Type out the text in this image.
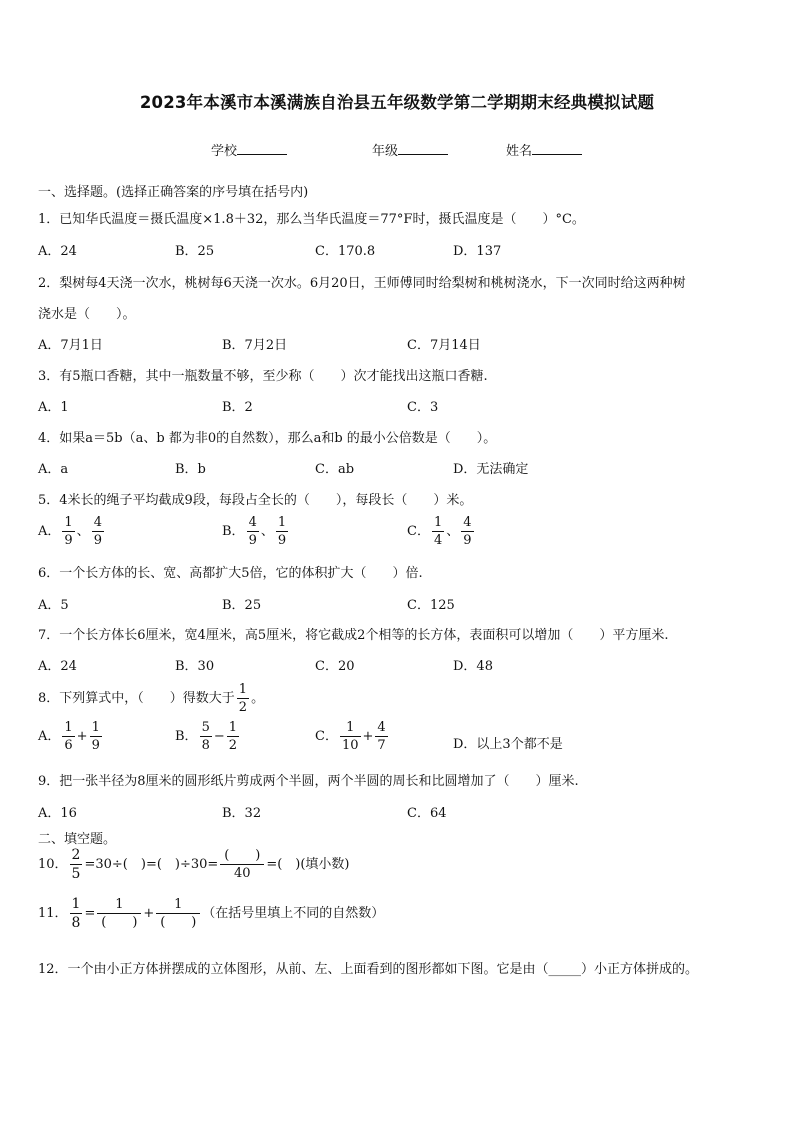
2023年本溪市本溪满族自治县五年级数学第二学期期末经典模拟试题
学校	年级	姓名
一、选择题。(选择正确答案的序号填在括号内)
1．已知华氏温度＝摄氏温度×1.8＋32，那么当华氏温度＝77°F时，摄氏温度是（　　）°C。
A．24	B．25	C．170.8	D．137
2．梨树每4天浇一次水，桃树每6天浇一次水。6月20日，王师傅同时给梨树和桃树浇水，下一次同时给这两种树
浇水是（　　）。
A．7月1日	B．7月2日	C．7月14日
3．有5瓶口香糖，其中一瓶数量不够，至少称（　　）次才能找出这瓶口香糖.
A．1	B．2	C．3
4．如果a＝5b（a、b 都为非0的自然数），那么a和b 的最小公倍数是（　　）。
A．a	B．b	C．ab	D．无法确定
5．4米长的绳子平均截成9段，每段占全长的（　　），每段长（　　）米。
A． $\frac{1}{9}$ 、 $\frac{4}{9}$	B． $\frac{4}{9}$ 、 $\frac{1}{9}$	C． $\frac{1}{4}$ 、 $\frac{4}{9}$
6．一个长方体的长、宽、高都扩大5倍，它的体积扩大（　　）倍.
A．5	B．25	C．125
7．一个长方体长6厘米，宽4厘米，高5厘米，将它截成2个相等的长方体，表面积可以增加（　　）平方厘米.
A．24	B．30	C．20	D．48
8．下列算式中，（　　）得数大于 $\frac{1}{2}$ 。
A． $\frac{1}{6} + \frac{1}{9}$	B． $\frac{5}{8} - \frac{1}{2}$	C． $\frac{1}{10} + \frac{4}{7}$	D．以上3个都不是
9．把一张半径为8厘米的圆形纸片剪成两个半圆，两个半圆的周长和比圆增加了（　　）厘米.
A．16	B．32	C．64
二、填空题。
10． $\frac{2}{5} =30\div$(　)=(　)$\div 30= \frac{( )}{40}$ =(　)(填小数)
11． $\frac{1}{8} = \frac{1}{( )} + \frac{1}{( )}$ （在括号里填上不同的自然数）
12．一个由小正方体拼摆成的立体图形，从前、左、上面看到的图形都如下图。它是由（_____）小正方体拼成的。
